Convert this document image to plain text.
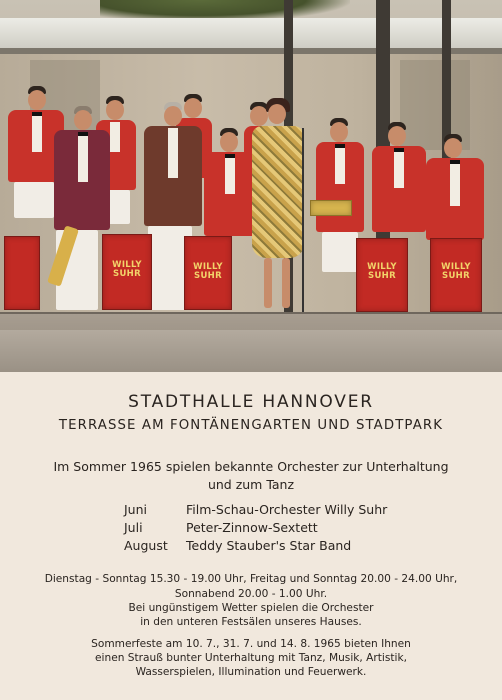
WILLY SUHR
WILLY
SUHR
WILLY
SUHR
WILLY
SUHR
STADTHALLE HANNOVER
TERRASSE AM FONTÄNENGARTEN UND STADTPARK
Im Sommer 1965 spielen bekannte Orchester zur Unterhaltung
und zum Tanz
Juni	Film-Schau-Orchester Willy Suhr
Juli	Peter-Zinnow-Sextett
August Teddy Stauber's Star Band
Dienstag - Sonntag 15.30 - 19.00 Uhr, Freitag und Sonntag 20.00 - 24.00 Uhr,
Sonnabend 20.00 - 1.00 Uhr.
Bei ungünstigem Wetter spielen die Orchester
in den unteren Festsälen unseres Hauses.
Sommerfeste am 10. 7., 31. 7. und 14. 8. 1965 bieten Ihnen
einen Strauß bunter Unterhaltung mit Tanz, Musik, Artistik,
Wasserspielen, Illumination und Feuerwerk.
